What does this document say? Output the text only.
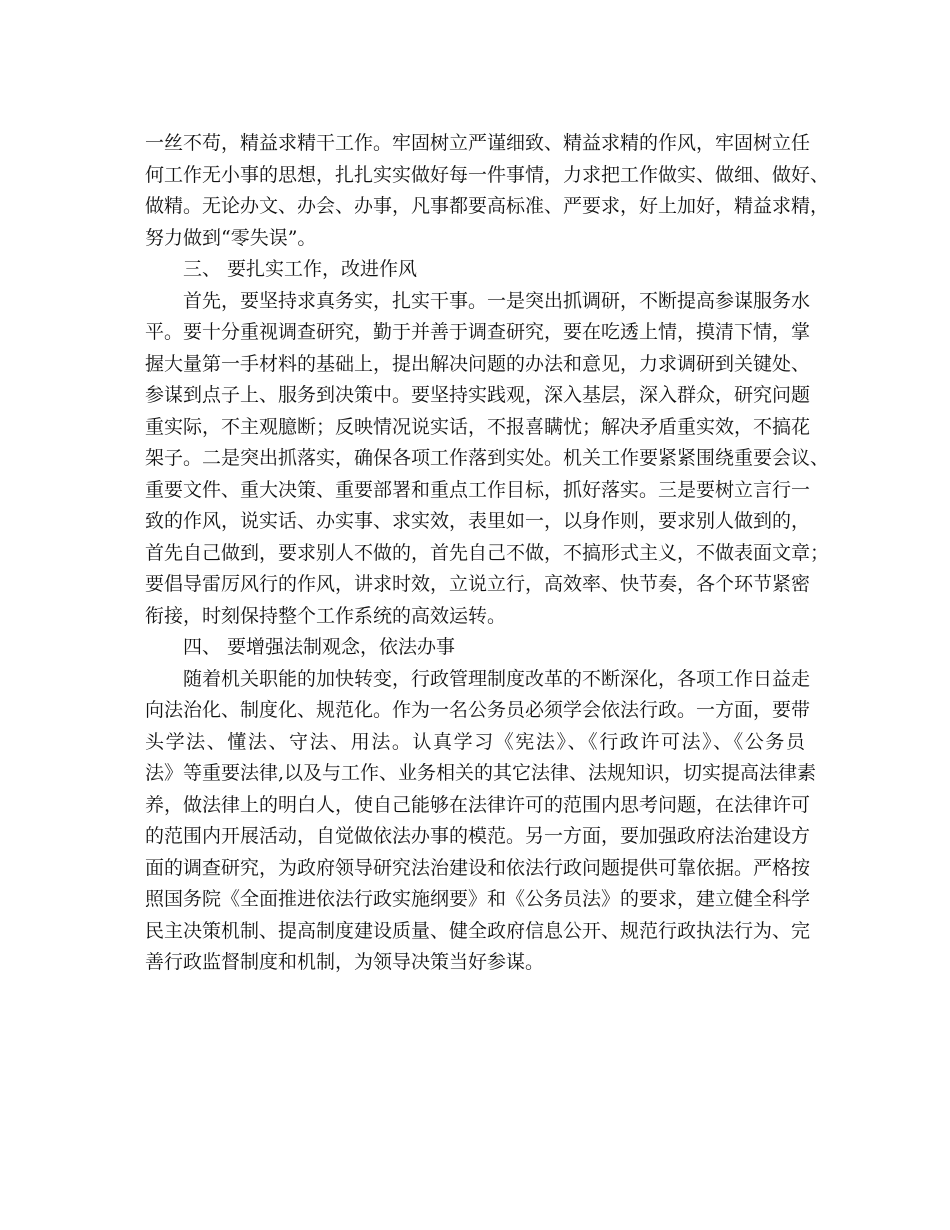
一丝不苟，精益求精干工作。牢固树立严谨细致、精益求精的作风，牢固树立任
何工作无小事的思想，扎扎实实做好每一件事情，力求把工作做实、做细、做好、
做精。无论办文、办会、办事，凡事都要高标准、严要求，好上加好，精益求精，
努力做到“零失误”。
三、 要扎实工作，改进作风
首先，要坚持求真务实，扎实干事。一是突出抓调研，不断提高参谋服务水
平。要十分重视调查研究，勤于并善于调查研究，要在吃透上情，摸清下情，掌
握大量第一手材料的基础上，提出解决问题的办法和意见，力求调研到关键处、
参谋到点子上、服务到决策中。要坚持实践观，深入基层，深入群众，研究问题
重实际，不主观臆断；反映情况说实话，不报喜瞒忧；解决矛盾重实效，不搞花
架子。二是突出抓落实，确保各项工作落到实处。机关工作要紧紧围绕重要会议、
重要文件、重大决策、重要部署和重点工作目标，抓好落实。三是要树立言行一
致的作风，说实话、办实事、求实效，表里如一，以身作则，要求别人做到的，
首先自己做到，要求别人不做的，首先自己不做，不搞形式主义，不做表面文章；
要倡导雷厉风行的作风，讲求时效，立说立行，高效率、快节奏，各个环节紧密
衔接，时刻保持整个工作系统的高效运转。
四、 要增强法制观念，依法办事
随着机关职能的加快转变，行政管理制度改革的不断深化，各项工作日益走
向法治化、制度化、规范化。作为一名公务员必须学会依法行政。一方面，要带
头学法、懂法、守法、用法。认真学习《宪法》、《行政许可法》、《公务员
法》等重要法律,以及与工作、业务相关的其它法律、法规知识，切实提高法律素
养，做法律上的明白人，使自己能够在法律许可的范围内思考问题，在法律许可
的范围内开展活动，自觉做依法办事的模范。另一方面，要加强政府法治建设方
面的调查研究，为政府领导研究法治建设和依法行政问题提供可靠依据。严格按
照国务院《全面推进依法行政实施纲要》和《公务员法》的要求，建立健全科学
民主决策机制、提高制度建设质量、健全政府信息公开、规范行政执法行为、完
善行政监督制度和机制，为领导决策当好参谋。
